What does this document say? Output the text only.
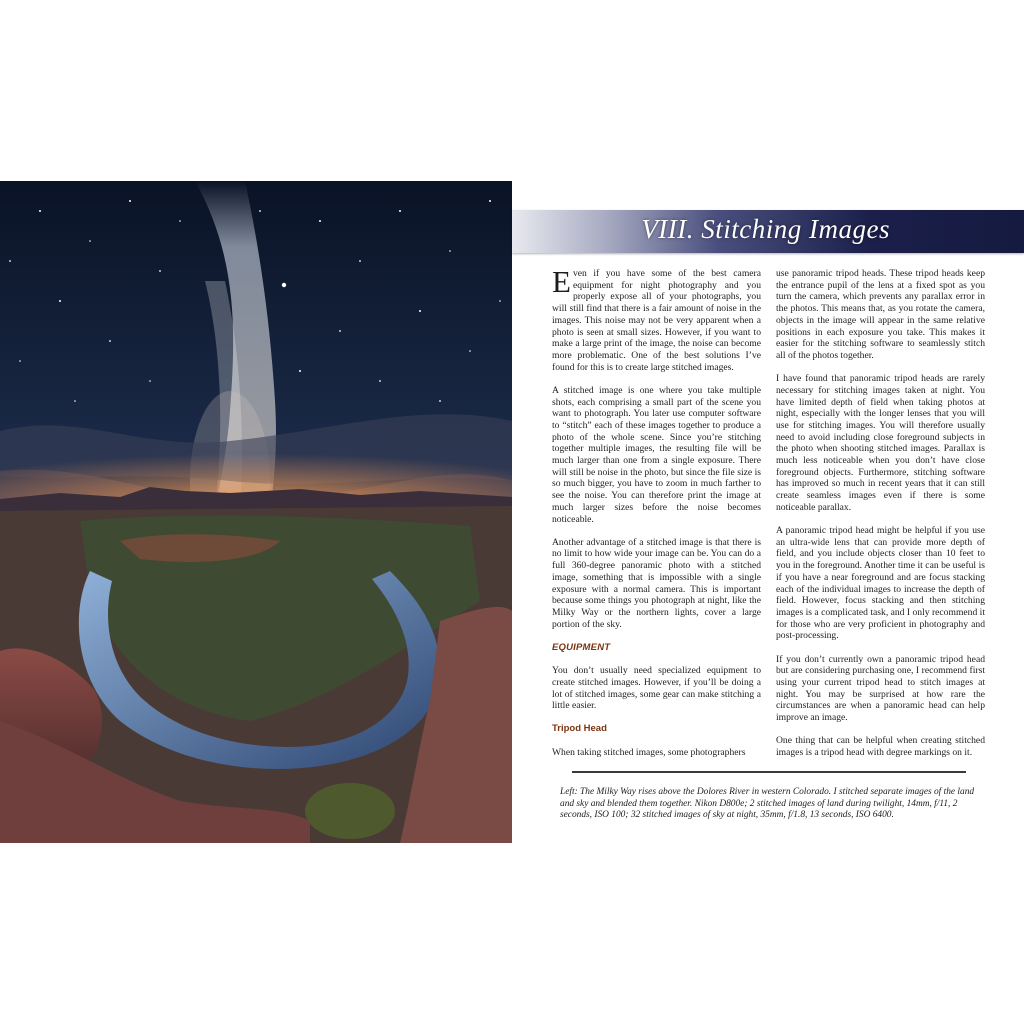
VIII. Stitching Images

Even if you have some of the best camera equipment for night photography and you properly expose all of your photographs, you will still find that there is a fair amount of noise in the images. This noise may not be very apparent when a photo is seen at small sizes. However, if you want to make a large print of the image, the noise can become more problematic. One of the best solutions I’ve found for this is to create large stitched images.

A stitched image is one where you take multiple shots, each comprising a small part of the scene you want to photograph. You later use computer software to “stitch” each of these images together to produce a photo of the whole scene. Since you’re stitching together multiple images, the resulting file will be much larger than one from a single exposure. There will still be noise in the photo, but since the file size is so much bigger, you have to zoom in much farther to see the noise. You can therefore print the image at much larger sizes before the noise becomes noticeable.

Another advantage of a stitched image is that there is no limit to how wide your image can be. You can do a full 360-degree panoramic photo with a stitched image, something that is impossible with a single exposure with a normal camera. This is important because some things you photograph at night, like the Milky Way or the northern lights, cover a large portion of the sky.

EQUIPMENT

You don’t usually need specialized equipment to create stitched images. However, if you’ll be doing a lot of stitched images, some gear can make stitching a little easier.

Tripod Head

When taking stitched images, some photographers

use panoramic tripod heads. These tripod heads keep the entrance pupil of the lens at a fixed spot as you turn the camera, which prevents any parallax error in the photos. This means that, as you rotate the camera, objects in the image will appear in the same relative positions in each exposure you take. This makes it easier for the stitching software to seamlessly stitch all of the photos together.

I have found that panoramic tripod heads are rarely necessary for stitching images taken at night. You have limited depth of field when taking photos at night, especially with the longer lenses that you will use for stitching images. You will therefore usually need to avoid including close foreground subjects in the photo when shooting stitched images. Parallax is much less noticeable when you don’t have close foreground objects. Furthermore, stitching software has improved so much in recent years that it can still create seamless images even if there is some noticeable parallax.

A panoramic tripod head might be helpful if you use an ultra-wide lens that can provide more depth of field, and you include objects closer than 10 feet to you in the foreground. Another time it can be useful is if you have a near foreground and are focus stacking each of the individual images to increase the depth of field. However, focus stacking and then stitching images is a complicated task, and I only recommend it for those who are very proficient in photography and post-processing.

If you don’t currently own a panoramic tripod head but are considering purchasing one, I recommend first using your current tripod head to stitch images at night. You may be surprised at how rare the circumstances are when a panoramic head can help improve an image.

One thing that can be helpful when creating stitched images is a tripod head with degree markings on it.

Left: The Milky Way rises above the Dolores River in western Colorado. I stitched separate images of the land and sky and blended them together. Nikon D800e; 2 stitched images of land during twilight, 14mm, f/11, 2 seconds, ISO 100; 32 stitched images of sky at night, 35mm, f/1.8, 13 seconds, ISO 6400.
